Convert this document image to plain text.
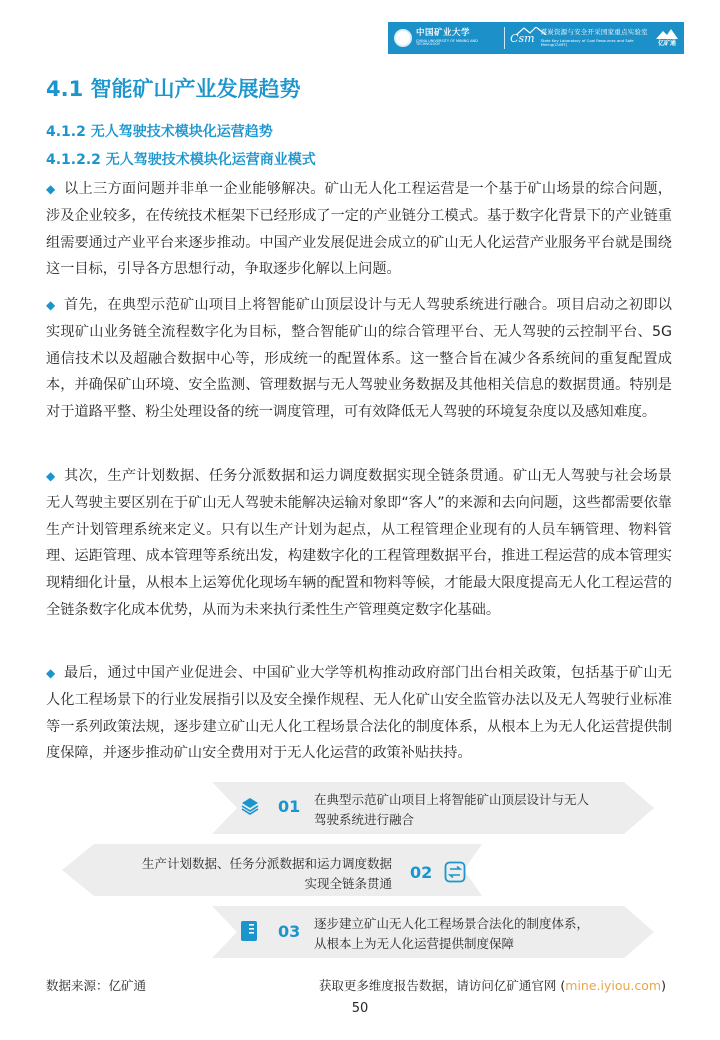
中国矿业大学
CHINA UNIVERSITY OF MINING AND TECHNOLOGY	Csm 煤炭资源与安全开采国家重点实验室
State Key Laboratory of Coal Resources and Safe Mining(CUMT)	亿矿通
4.1 智能矿山产业发展趋势
4.1.2 无人驾驶技术模块化运营趋势
4.1.2.2 无人驾驶技术模块化运营商业模式
◆ 以上三方面问题并非单一企业能够解决。矿山无人化工程运营是一个基于矿山场景的综合问题，涉及企业较多，在传统技术框架下已经形成了一定的产业链分工模式。基于数字化背景下的产业链重组需要通过产业平台来逐步推动。中国产业发展促进会成立的矿山无人化运营产业服务平台就是围绕这一目标，引导各方思想行动，争取逐步化解以上问题。
◆ 首先，在典型示范矿山项目上将智能矿山顶层设计与无人驾驶系统进行融合。项目启动之初即以实现矿山业务链全流程数字化为目标，整合智能矿山的综合管理平台、无人驾驶的云控制平台、5G通信技术以及超融合数据中心等，形成统一的配置体系。这一整合旨在减少各系统间的重复配置成本，并确保矿山环境、安全监测、管理数据与无人驾驶业务数据及其他相关信息的数据贯通。特别是对于道路平整、粉尘处理设备的统一调度管理，可有效降低无人驾驶的环境复杂度以及感知难度。
◆ 其次，生产计划数据、任务分派数据和运力调度数据实现全链条贯通。矿山无人驾驶与社会场景无人驾驶主要区别在于矿山无人驾驶未能解决运输对象即“客人”的来源和去向问题，这些都需要依靠生产计划管理系统来定义。只有以生产计划为起点，从工程管理企业现有的人员车辆管理、物料管理、运距管理、成本管理等系统出发，构建数字化的工程管理数据平台，推进工程运营的成本管理实现精细化计量，从根本上运筹优化现场车辆的配置和物料等候，才能最大限度提高无人化工程运营的全链条数字化成本优势，从而为未来执行柔性生产管理奠定数字化基础。
◆ 最后，通过中国产业促进会、中国矿业大学等机构推动政府部门出台相关政策，包括基于矿山无人化工程场景下的行业发展指引以及安全操作规程、无人化矿山安全监管办法以及无人驾驶行业标准等一系列政策法规，逐步建立矿山无人化工程场景合法化的制度体系，从根本上为无人化运营提供制度保障，并逐步推动矿山安全费用对于无人化运营的政策补贴扶持。
01 在典型示范矿山项目上将智能矿山顶层设计与无人
驾驶系统进行融合
生产计划数据、任务分派数据和运力调度数据
实现全链条贯通
02
03 逐步建立矿山无人化工程场景合法化的制度体系，
从根本上为无人化运营提供制度保障
数据来源：亿矿通	获取更多维度报告数据，请访问亿矿通官网 (mine.iyiou.com)
50
